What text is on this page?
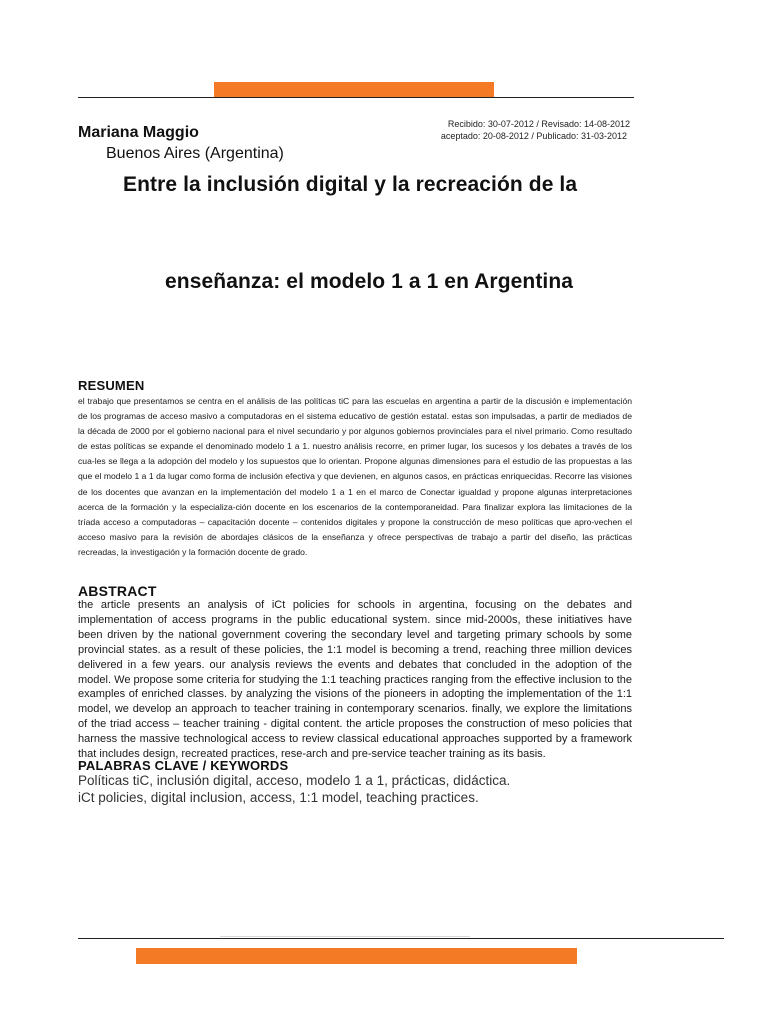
Recibido: 30-07-2012 / Revisado: 14-08-2012
aceptado: 20-08-2012 / Publicado: 31-03-2012
Mariana Maggio
Buenos Aires (Argentina)
Entre la inclusión digital y la recreación de la
enseñanza: el modelo 1 a 1 en Argentina
RESUMEN
el trabajo que presentamos se centra en el análisis de las políticas tiC para las escuelas en argentina a partir de la discusión e implementación de los programas de acceso masivo a computadoras en el sistema educativo de gestión estatal. estas son impulsadas, a partir de mediados de la década de 2000 por el gobierno nacional para el nivel secundario y por algunos gobiernos provinciales para el nivel primario. Como resultado de estas políticas se expande el denominado modelo 1 a 1. nuestro análisis recorre, en primer lugar, los sucesos y los debates a través de los cua-les se llega a la adopción del modelo y los supuestos que lo orientan. Propone algunas dimensiones para el estudio de las propuestas a las que el modelo 1 a 1 da lugar como forma de inclusión efectiva y que devienen, en algunos casos, en prácticas enriquecidas. Recorre las visiones de los docentes que avanzan en la implementación del modelo 1 a 1 en el marco de Conectar igualdad y propone algunas interpretaciones acerca de la formación y la especializa-ción docente en los escenarios de la contemporaneidad. Para finalizar explora las limitaciones de la tríada acceso a computadoras – capacitación docente – contenidos digitales y propone la construcción de meso políticas que apro-vechen el acceso masivo para la revisión de abordajes clásicos de la enseñanza y ofrece perspectivas de trabajo a partir del diseño, las prácticas recreadas, la investigación y la formación docente de grado.
ABSTRACT
the article presents an analysis of iCt policies for schools in argentina, focusing on the debates and implementation of access programs in the public educational system. since mid-2000s, these initiatives have been driven by the national government covering the secondary level and targeting primary schools by some provincial states. as a result of these policies, the 1:1 model is becoming a trend, reaching three million devices delivered in a few years. our analysis reviews the events and debates that concluded in the adoption of the model. We propose some criteria for studying the 1:1 teaching practices ranging from the effective inclusion to the examples of enriched classes. by analyzing the visions of the pioneers in adopting the implementation of the 1:1 model, we develop an approach to teacher training in contemporary scenarios. finally, we explore the limitations of the triad access – teacher training - digital content. the article proposes the construction of meso policies that harness the massive technological access to review classical educational approaches supported by a framework that includes design, recreated practices, rese-arch and pre-service teacher training as its basis.
PALABRAS CLAVE / KEYWORDS
Políticas tiC, inclusión digital, acceso, modelo 1 a 1, prácticas, didáctica.
iCt policies, digital inclusion, access, 1:1 model, teaching practices.
